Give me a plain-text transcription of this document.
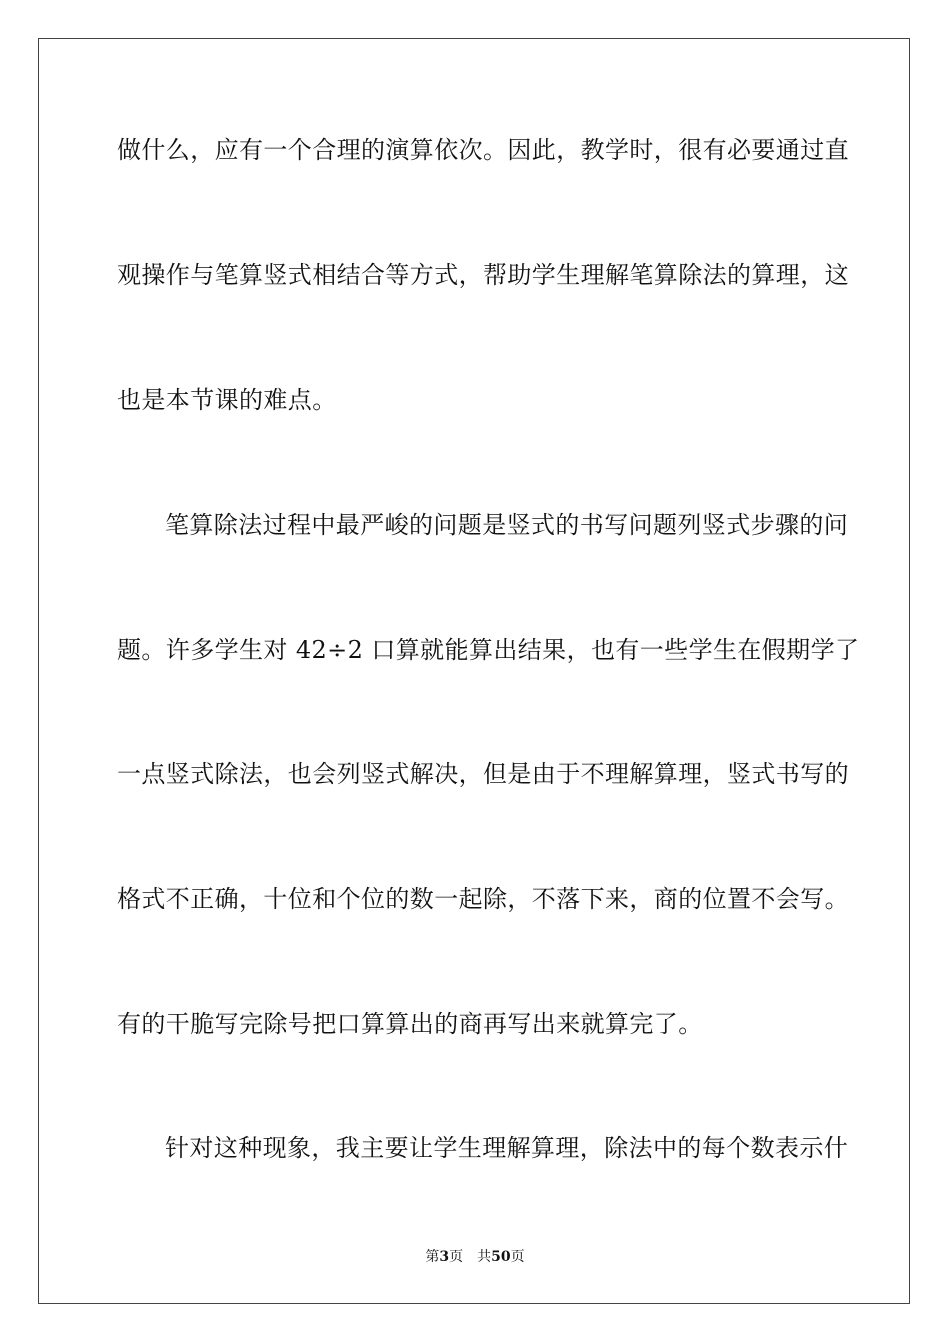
做什么，应有一个合理的演算依次。因此，教学时，很有必要通过直
观操作与笔算竖式相结合等方式，帮助学生理解笔算除法的算理，这
也是本节课的难点。
笔算除法过程中最严峻的问题是竖式的书写问题列竖式步骤的问
题。许多学生对 42÷2 口算就能算出结果，也有一些学生在假期学了
一点竖式除法，也会列竖式解决，但是由于不理解算理，竖式书写的
格式不正确，十位和个位的数一起除，不落下来，商的位置不会写。
有的干脆写完除号把口算算出的商再写出来就算完了。
针对这种现象，我主要让学生理解算理，除法中的每个数表示什
第3页 共50页
